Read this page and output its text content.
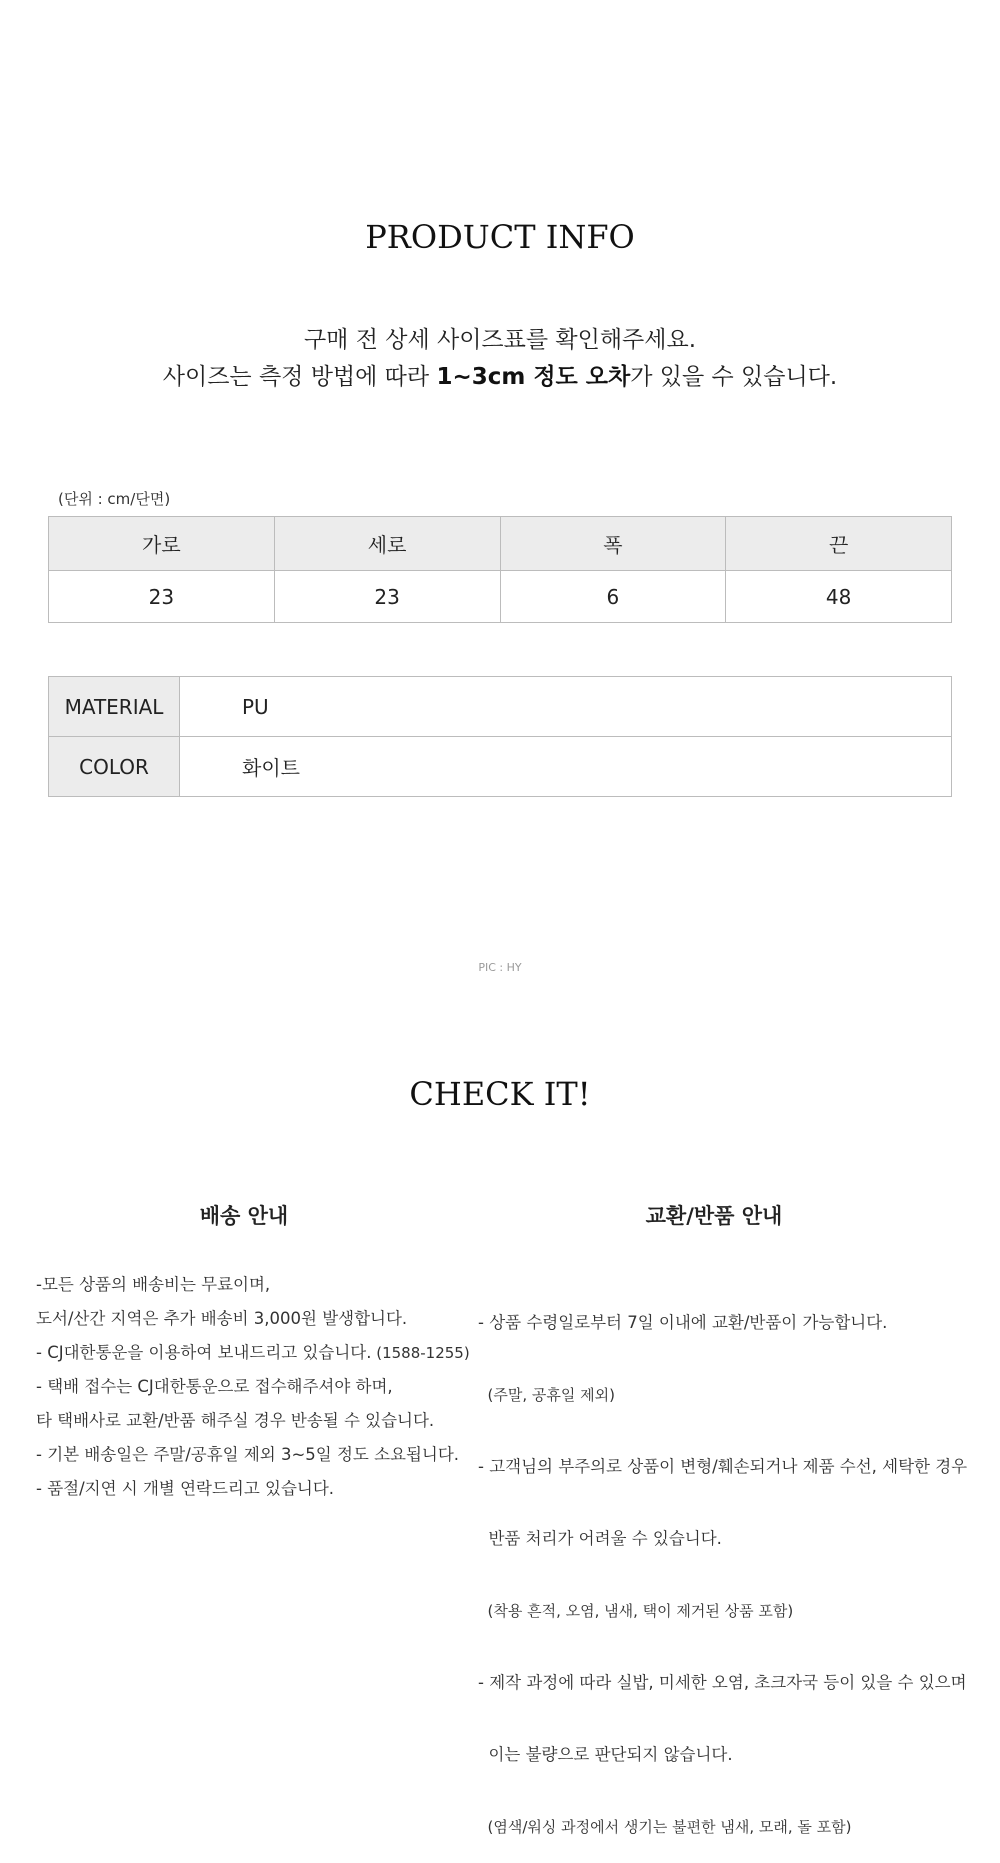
PRODUCT INFO

구매 전 상세 사이즈표를 확인해주세요.

사이즈는 측정 방법에 따라 1~3cm 정도 오차가 있을 수 있습니다.

(단위 : cm/단면)
가로	세로	폭	끈
23	23	6	48
MATERIAL	PU
COLOR	화이트
PIC : HY
CHECK IT!
배송 안내	교환/반품 안내
-모든 상품의 배송비는 무료이며,
도서/산간 지역은 추가 배송비 3,000원 발생합니다.
- CJ대한통운을 이용하여 보내드리고 있습니다. (1588-1255)
- 택배 접수는 CJ대한통운으로 접수해주셔야 하며,
타 택배사로 교환/반품 해주실 경우 반송될 수 있습니다.
- 기본 배송일은 주말/공휴일 제외 3~5일 정도 소요됩니다.
- 품절/지연 시 개별 연락드리고 있습니다.

- 상품 수령일로부터 7일 이내에 교환/반품이 가능합니다.

(주말, 공휴일 제외)

- 고객님의 부주의로 상품이 변형/훼손되거나 제품 수선, 세탁한 경우

반품 처리가 어려울 수 있습니다.

(착용 흔적, 오염, 냄새, 택이 제거된 상품 포함)

- 제작 과정에 따라 실밥, 미세한 오염, 초크자국 등이 있을 수 있으며

이는 불량으로 판단되지 않습니다.

(염색/워싱 과정에서 생기는 불편한 냄새, 모래, 돌 포함)
